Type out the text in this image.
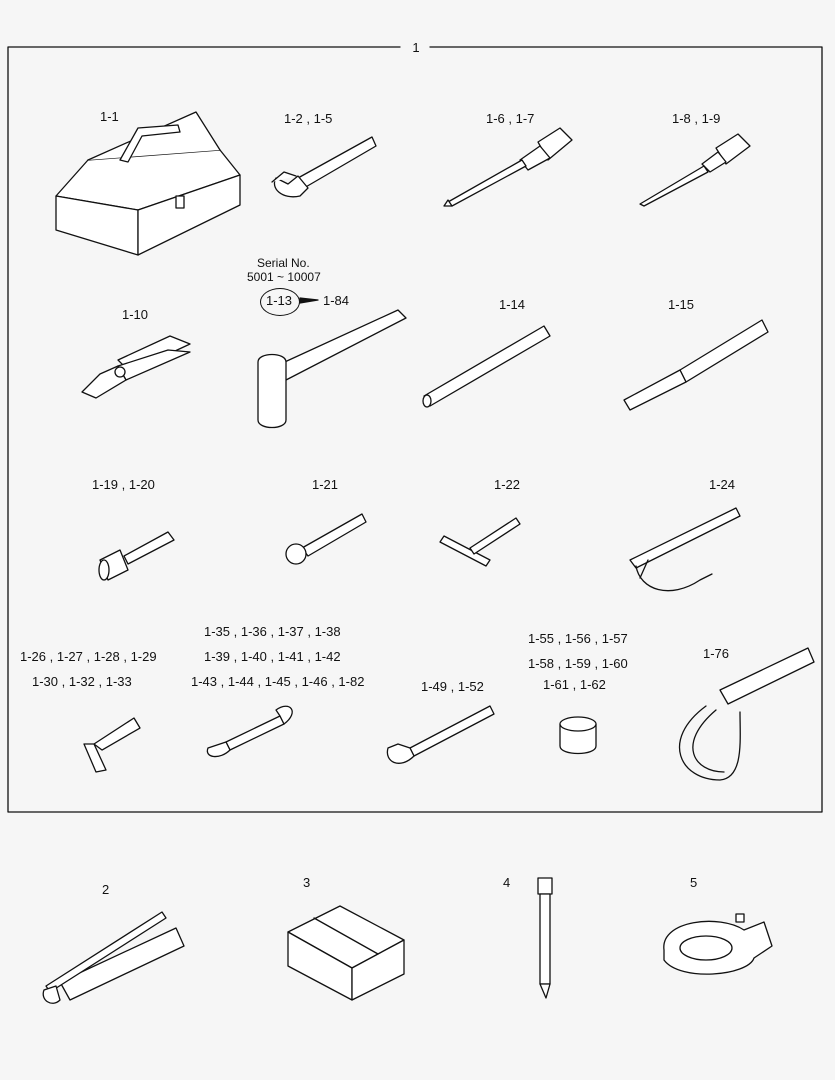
1
1-1	1-2 , 1-5	1-6 , 1-7	1-8 , 1-9
Serial No.
5001 ~ 10007
1-13 1-84
1-10
1-14	1-15
1-19 , 1-20	1-21	1-22	1-24
1-26 , 1-27 , 1-28 , 1-29
1-30 , 1-32 , 1-33
1-35 , 1-36 , 1-37 , 1-38
1-39 , 1-40 , 1-41 , 1-42
1-43 , 1-44 , 1-45 , 1-46 , 1-82	1-49 , 1-52
1-55 , 1-56 , 1-57
1-58 , 1-59 , 1-60
1-61 , 1-62
1-76
2	3	4	5
